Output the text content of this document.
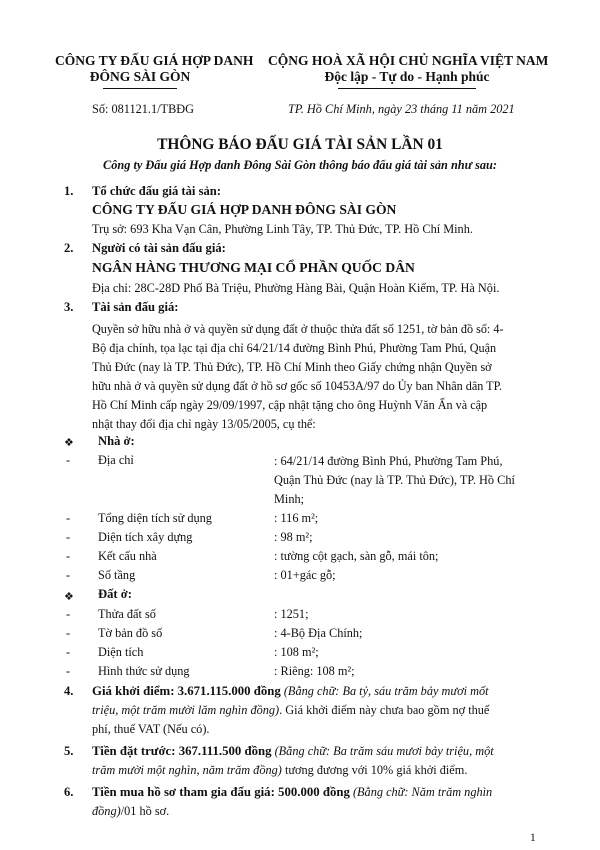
CÔNG TY ĐẤU GIÁ HỢP DANH
ĐÔNG SÀI GÒN
CỘNG HOÀ XÃ HỘI CHỦ NGHĨA VIỆT NAM
Độc lập - Tự do - Hạnh phúc
Số: 081121.1/TBĐG	TP. Hồ Chí Minh, ngày 23 tháng 11 năm 2021
THÔNG BÁO ĐẤU GIÁ TÀI SẢN LẦN 01
Công ty Đấu giá Hợp danh Đông Sài Gòn thông báo đấu giá tài sản như sau:
1. Tổ chức đấu giá tài sản:
CÔNG TY ĐẤU GIÁ HỢP DANH ĐÔNG SÀI GÒN
Trụ sở: 693 Kha Vạn Cân, Phường Linh Tây, TP. Thủ Đức, TP. Hồ Chí Minh.
2. Người có tài sản đấu giá:
NGÂN HÀNG THƯƠNG MẠI CỔ PHẦN QUỐC DÂN
Địa chỉ: 28C-28D Phố Bà Triệu, Phường Hàng Bài, Quận Hoàn Kiếm, TP. Hà Nội.
3. Tài sản đấu giá:
Quyền sở hữu nhà ở và quyền sử dụng đất ở thuộc thửa đất số 1251, tờ bản đồ số: 4-
Bộ địa chính, tọa lạc tại địa chỉ 64/21/14 đường Bình Phú, Phường Tam Phú, Quận
Thủ Đức (nay là TP. Thủ Đức), TP. Hồ Chí Minh theo Giấy chứng nhận Quyền sở
hữu nhà ở và quyền sử dụng đất ở hồ sơ gốc số 10453A/97 do Ủy ban Nhân dân TP.
Hồ Chí Minh cấp ngày 29/09/1997, cập nhật tặng cho ông Huỳnh Văn Ấn và cập
nhật thay đổi địa chỉ ngày 13/05/2005, cụ thể:
❖ Nhà ở:
- Địa chỉ	: 64/21/14 đường Bình Phú, Phường Tam Phú,
Quận Thủ Đức (nay là TP. Thủ Đức), TP. Hồ Chí
Minh;
- Tổng diện tích sử dụng	: 116 m²;
- Diện tích xây dựng	: 98 m²;
- Kết cấu nhà	: tường cột gạch, sàn gỗ, mái tôn;
- Số tầng	: 01+gác gỗ;
❖ Đất ở:
- Thửa đất số	: 1251;
- Tờ bản đồ số	: 4-Bộ Địa Chính;
- Diện tích	: 108 m²;
- Hình thức sử dụng	: Riêng: 108 m²;
4. Giá khởi điểm: 3.671.115.000 đồng (Bằng chữ: Ba tỷ, sáu trăm bảy mươi mốt
triệu, một trăm mười lăm nghìn đồng). Giá khởi điểm này chưa bao gồm nợ thuế
phí, thuế VAT (Nếu có).
5. Tiền đặt trước: 367.111.500 đồng (Bằng chữ: Ba trăm sáu mươi bảy triệu, một
trăm mười một nghìn, năm trăm đồng) tương đương với 10% giá khởi điểm.
6. Tiền mua hồ sơ tham gia đấu giá: 500.000 đồng (Bằng chữ: Năm trăm nghìn
đồng)/01 hồ sơ.
1
